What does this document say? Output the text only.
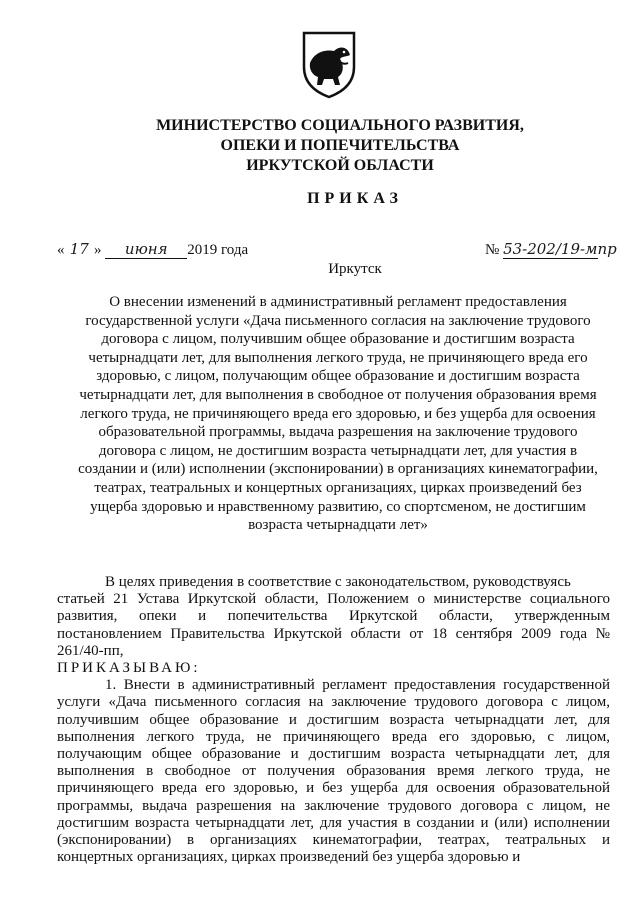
МИНИСТЕРСТВО СОЦИАЛЬНОГО РАЗВИТИЯ,
ОПЕКИ И ПОПЕЧИТЕЛЬСТВА
ИРКУТСКОЙ ОБЛАСТИ
ПРИКАЗ
« 17 » июня 2019 года	№ 53-202/19-мпр
Иркутск
О внесении изменений в административный регламент предоставления государственной услуги «Дача письменного согласия на заключение трудового договора с лицом, получившим общее образование и достигшим возраста четырнадцати лет, для выполнения легкого труда, не причиняющего вреда его здоровью, с лицом, получающим общее образование и достигшим возраста четырнадцати лет, для выполнения в свободное от получения образования время легкого труда, не причиняющего вреда его здоровью, и без ущерба для освоения образовательной программы, выдача разрешения на заключение трудового договора с лицом, не достигшим возраста четырнадцати лет, для участия в создании и (или) исполнении (экспонировании) в организациях кинематографии, театрах, театральных и концертных организациях, цирках произведений без ущерба здоровью и нравственному развитию, со спортсменом, не достигшим возраста четырнадцати лет»

В целях приведения в соответствие с законодательством, руководствуясь

статьей 21 Устава Иркутской области, Положением о министерстве социального развития, опеки и попечительства Иркутской области, утвержденным постановлением Правительства Иркутской области от 18 сентября 2009 года № 261/40-пп,

ПРИКАЗЫВАЮ:

1. Внести в административный регламент предоставления государственной услуги «Дача письменного согласия на заключение трудового договора с лицом, получившим общее образование и достигшим возраста четырнадцати лет, для выполнения легкого труда, не причиняющего вреда его здоровью, с лицом, получающим общее образование и достигшим возраста четырнадцати лет, для выполнения в свободное от получения образования время легкого труда, не причиняющего вреда его здоровью, и без ущерба для освоения образовательной программы, выдача разрешения на заключение трудового договора с лицом, не достигшим возраста четырнадцати лет, для участия в создании и (или) исполнении (экспонировании) в организациях кинематографии, театрах, театральных и концертных организациях, цирках произведений без ущерба здоровью и
